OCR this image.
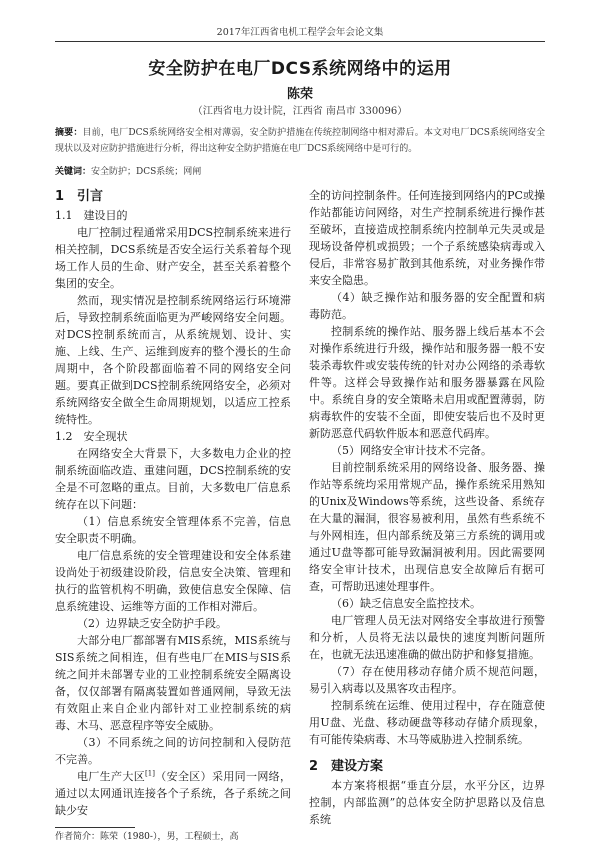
2017年江西省电机工程学会年会论文集
安全防护在电厂DCS系统网络中的运用
陈荣
（江西省电力设计院，江西省 南昌市 330096）
摘要：目前，电厂DCS系统网络安全相对薄弱，安全防护措施在传统控制网络中相对滞后。本文对电厂DCS系统网络安全现状以及对应防护措施进行分析，得出这种安全防护措施在电厂DCS系统网络中是可行的。
关键词：安全防护；DCS系统；网闸
1　引言
1.1　建设目的

电厂控制过程通常采用DCS控制系统来进行相关控制，DCS系统是否安全运行关系着每个现场工作人员的生命、财产安全，甚至关系着整个集团的安全。

然而，现实情况是控制系统网络运行环境滞后，导致控制系统面临更为严峻网络安全问题。对DCS控制系统而言，从系统规划、设计、实施、上线、生产、运维到废弃的整个漫长的生命周期中，各个阶段都面临着不同的网络安全问题。要真正做到DCS控制系统网络安全，必须对系统网络安全做全生命周期规划，以适应工控系统特性。

1.2　安全现状

在网络安全大背景下，大多数电力企业的控制系统面临改造、重建问题，DCS控制系统的安全是不可忽略的重点。目前，大多数电厂信息系统存在以下问题：

（1）信息系统安全管理体系不完善，信息安全职责不明确。

电厂信息系统的安全管理建设和安全体系建设尚处于初级建设阶段，信息安全决策、管理和执行的监管机构不明确，致使信息安全保障、信息系统建设、运维等方面的工作相对滞后。

（2）边界缺乏安全防护手段。

大部分电厂都部署有MIS系统，MIS系统与SIS系统之间相连，但有些电厂在MIS与SIS系统之间并未部署专业的工业控制系统安全隔离设备，仅仅部署有隔离装置如普通网闸，导致无法有效阻止来自企业内部针对工业控制系统的病毒、木马、恶意程序等安全威胁。

（3）不同系统之间的访问控制和入侵防范不完善。

电厂生产大区[1]（安全区）采用同一网络，通过以太网通讯连接各个子系统，各子系统之间缺少安

作者简介：陈荣（1980-），男，工程硕士，高

全的访问控制条件。任何连接到网络内的PC或操作站都能访问网络，对生产控制系统进行操作甚至破坏，直接造成控制系统内控制单元失灵或是现场设备停机或损毁；一个子系统感染病毒或入侵后，非常容易扩散到其他系统，对业务操作带来安全隐患。

（4）缺乏操作站和服务器的安全配置和病毒防范。

控制系统的操作站、服务器上线后基本不会对操作系统进行升级，操作站和服务器一般不安装杀毒软件或安装传统的针对办公网络的杀毒软件等。这样会导致操作站和服务器暴露在风险中。系统自身的安全策略未启用或配置薄弱，防病毒软件的安装不全面，即使安装后也不及时更新防恶意代码软件版本和恶意代码库。

（5）网络安全审计技术不完备。

目前控制系统采用的网络设备、服务器、操作站等系统均采用常规产品，操作系统采用熟知的Unix及Windows等系统，这些设备、系统存在大量的漏洞，很容易被利用，虽然有些系统不与外网相连，但内部系统及第三方系统的调用或通过U盘等都可能导致漏洞被利用。因此需要网络安全审计技术，出现信息安全故障后有据可查，可帮助迅速处理事件。

（6）缺乏信息安全监控技术。

电厂管理人员无法对网络安全事故进行预警和分析，人员将无法以最快的速度判断问题所在，也就无法迅速准确的做出防护和修复措施。

（7）存在使用移动存储介质不规范问题，易引入病毒以及黑客攻击程序。

控制系统在运维、使用过程中，存在随意使用U盘、光盘、移动硬盘等移动存储介质现象，有可能传染病毒、木马等威胁进入控制系统。

2　建设方案

本方案将根据“垂直分层，水平分区，边界控制，内部监测”的总体安全防护思路以及信息系统
